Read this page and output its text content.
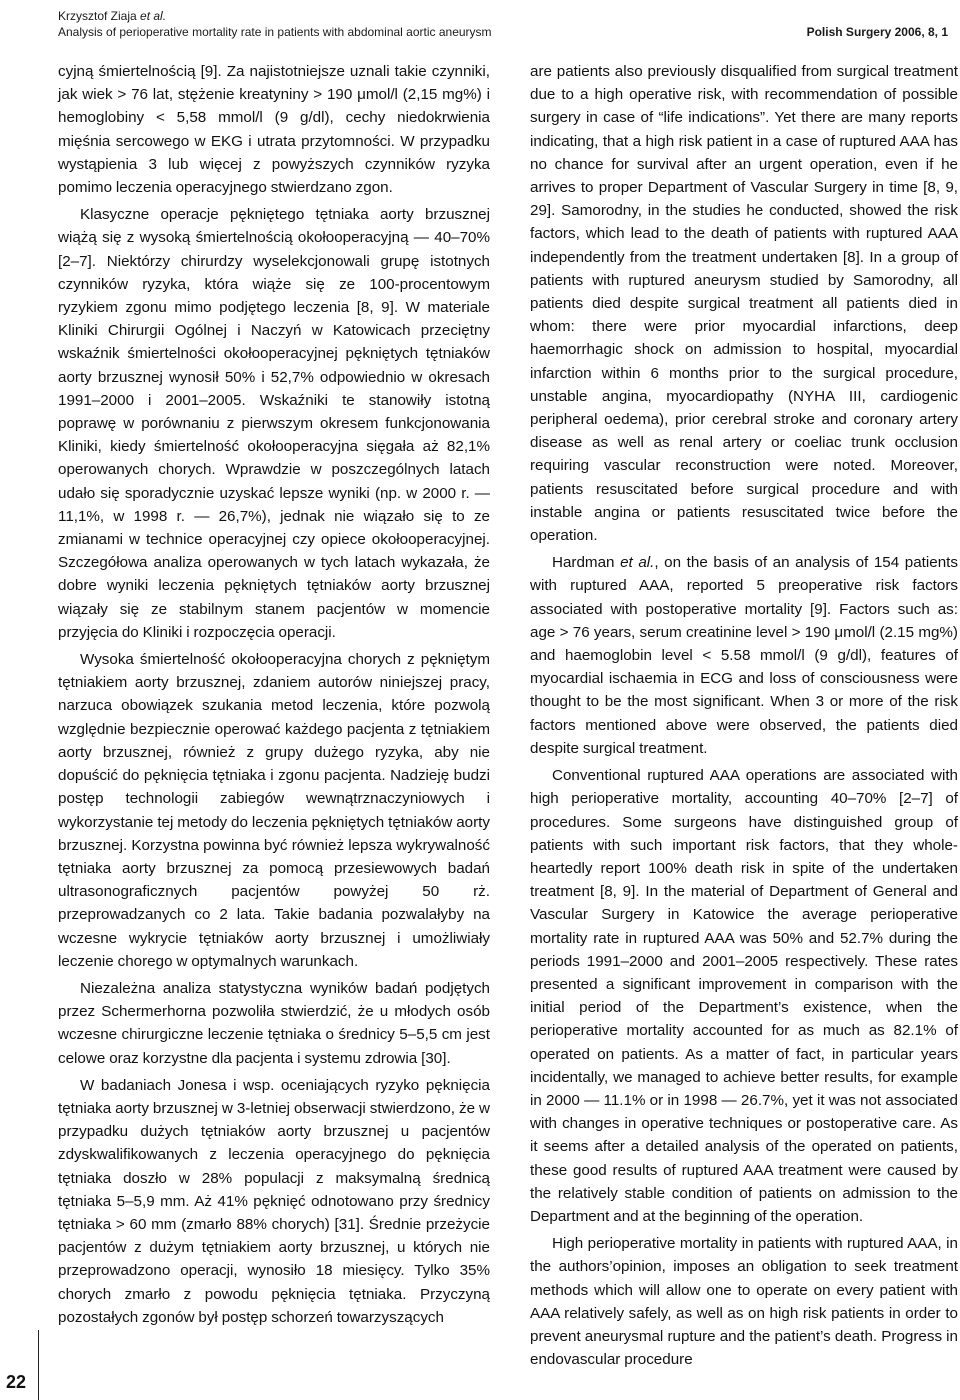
Krzysztof Ziaja et al.
Analysis of perioperative mortality rate in patients with abdominal aortic aneurysm	Polish Surgery 2006, 8, 1

cyjną śmiertelnością [9]. Za najistotniejsze uznali takie czynniki, jak wiek > 76 lat, stężenie kreatyniny > 190 μmol/l (2,15 mg%) i hemoglobiny < 5,58 mmol/l (9 g/dl), cechy niedokrwienia mięśnia sercowego w EKG i utrata przytomności. W przypadku wystąpienia 3 lub więcej z powyższych czynników ryzyka pomimo leczenia operacyjnego stwierdzano zgon.

Klasyczne operacje pękniętego tętniaka aorty brzusznej wiążą się z wysoką śmiertelnością okołooperacyjną — 40–70% [2–7]. Niektórzy chirurdzy wyselekcjonowali grupę istotnych czynników ryzyka, która wiąże się ze 100-procentowym ryzykiem zgonu mimo podjętego leczenia [8, 9]. W materiale Kliniki Chirurgii Ogólnej i Naczyń w Katowicach przeciętny wskaźnik śmiertelności okołooperacyjnej pękniętych tętniaków aorty brzusznej wynosił 50% i 52,7% odpowiednio w okresach 1991–2000 i 2001–2005. Wskaźniki te stanowiły istotną poprawę w porównaniu z pierwszym okresem funkcjonowania Kliniki, kiedy śmiertelność okołooperacyjna sięgała aż 82,1% operowanych chorych. Wprawdzie w poszczególnych latach udało się sporadycznie uzyskać lepsze wyniki (np. w 2000 r. — 11,1%, w 1998 r. — 26,7%), jednak nie wiązało się to ze zmianami w technice operacyjnej czy opiece okołooperacyjnej. Szczegółowa analiza operowanych w tych latach wykazała, że dobre wyniki leczenia pękniętych tętniaków aorty brzusznej wiązały się ze stabilnym stanem pacjentów w momencie przyjęcia do Kliniki i rozpoczęcia operacji.

Wysoka śmiertelność okołooperacyjna chorych z pękniętym tętniakiem aorty brzusznej, zdaniem autorów niniejszej pracy, narzuca obowiązek szukania metod leczenia, które pozwolą względnie bezpiecznie operować każdego pacjenta z tętniakiem aorty brzusznej, również z grupy dużego ryzyka, aby nie dopuścić do pęknięcia tętniaka i zgonu pacjenta. Nadzieję budzi postęp technologii zabiegów wewnątrznaczyniowych i wykorzystanie tej metody do leczenia pękniętych tętniaków aorty brzusznej. Korzystna powinna być również lepsza wykrywalność tętniaka aorty brzusznej za pomocą przesiewowych badań ultrasonograficznych pacjentów powyżej 50 rż. przeprowadzanych co 2 lata. Takie badania pozwalałyby na wczesne wykrycie tętniaków aorty brzusznej i umożliwiały leczenie chorego w optymalnych warunkach.

Niezależna analiza statystyczna wyników badań podjętych przez Schermerhorna pozwoliła stwierdzić, że u młodych osób wczesne chirurgiczne leczenie tętniaka o średnicy 5–5,5 cm jest celowe oraz korzystne dla pacjenta i systemu zdrowia [30].

W badaniach Jonesa i wsp. oceniających ryzyko pęknięcia tętniaka aorty brzusznej w 3-letniej obserwacji stwierdzono, że w przypadku dużych tętniaków aorty brzusznej u pacjentów zdyskwalifikowanych z leczenia operacyjnego do pęknięcia tętniaka doszło w 28% populacji z maksymalną średnicą tętniaka 5–5,9 mm. Aż 41% pęknięć odnotowano przy średnicy tętniaka > 60 mm (zmarło 88% chorych) [31]. Średnie przeżycie pacjentów z dużym tętniakiem aorty brzusznej, u których nie przeprowadzono operacji, wynosiło 18 miesięcy. Tylko 35% chorych zmarło z powodu pęknięcia tętniaka. Przyczyną pozostałych zgonów był postęp schorzeń towarzyszących

are patients also previously disqualified from surgical treatment due to a high operative risk, with recommendation of possible surgery in case of “life indications”. Yet there are many reports indicating, that a high risk patient in a case of ruptured AAA has no chance for survival after an urgent operation, even if he arrives to proper Department of Vascular Surgery in time [8, 9, 29]. Samorodny, in the studies he conducted, showed the risk factors, which lead to the death of patients with ruptured AAA independently from the treatment undertaken [8]. In a group of patients with ruptured aneurysm studied by Samorodny, all patients died despite surgical treatment all patients died in whom: there were prior myocardial infarctions, deep haemorrhagic shock on admission to hospital, myocardial infarction within 6 months prior to the surgical procedure, unstable angina, myocardiopathy (NYHA III, cardiogenic peripheral oedema), prior cerebral stroke and coronary artery disease as well as renal artery or coeliac trunk occlusion requiring vascular reconstruction were noted. Moreover, patients resuscitated before surgical procedure and with instable angina or patients resuscitated twice before the operation.

Hardman et al., on the basis of an analysis of 154 patients with ruptured AAA, reported 5 preoperative risk factors associated with postoperative mortality [9]. Factors such as: age > 76 years, serum creatinine level > 190 μmol/l (2.15 mg%) and haemoglobin level < 5.58 mmol/l (9 g/dl), features of myocardial ischaemia in ECG and loss of consciousness were thought to be the most significant. When 3 or more of the risk factors mentioned above were observed, the patients died despite surgical treatment.

Conventional ruptured AAA operations are associated with high perioperative mortality, accounting 40–70% [2–7] of procedures. Some surgeons have distinguished group of patients with such important risk factors, that they whole-heartedly report 100% death risk in spite of the undertaken treatment [8, 9]. In the material of Department of General and Vascular Surgery in Katowice the average perioperative mortality rate in ruptured AAA was 50% and 52.7% during the periods 1991–2000 and 2001–2005 respectively. These rates presented a significant improvement in comparison with the initial period of the Department’s existence, when the perioperative mortality accounted for as much as 82.1% of operated on patients. As a matter of fact, in particular years incidentally, we managed to achieve better results, for example in 2000 — 11.1% or in 1998 — 26.7%, yet it was not associated with changes in operative techniques or postoperative care. As it seems after a detailed analysis of the operated on patients, these good results of ruptured AAA treatment were caused by the relatively stable condition of patients on admission to the Department and at the beginning of the operation.

High perioperative mortality in patients with ruptured AAA, in the authors’opinion, imposes an obligation to seek treatment methods which will allow one to operate on every patient with AAA relatively safely, as well as on high risk patients in order to prevent aneurysmal rupture and the patient’s death. Progress in endovascular procedure

22
